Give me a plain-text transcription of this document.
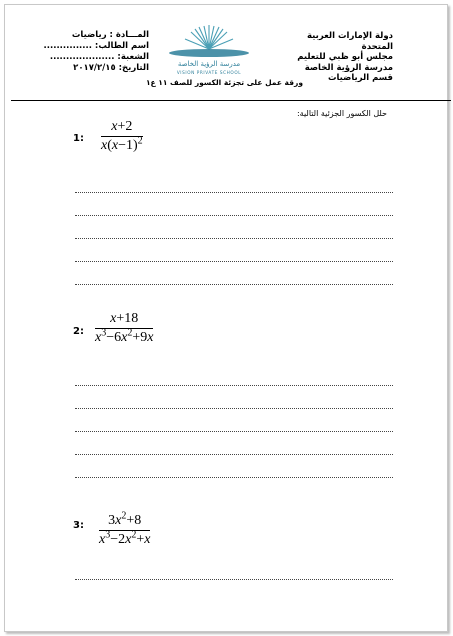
دولة الإمارات العربية المتحدة
مجلس أبو ظبي للتعليم
مدرسة الرؤية الخاصة
قسم الرياضيات
مدرسة الرؤية الخاصة
VISION PRIVATE SCHOOL
المـــادة : رياضيات
اسم الطالب: ...............
الشعبة: ....................
التاريخ: ٢٠١٧/٢/١٥
ورقة عمل على تجزئة الكسور للصف ١١ ع١
حلل الكسور الجزئية التالية:
1:
x+2
$x(x-1)^2$
2:
x+18
$x^3-6x^2+9x$
3:	$3x^2+8$
$x^3-2x^2+x$
